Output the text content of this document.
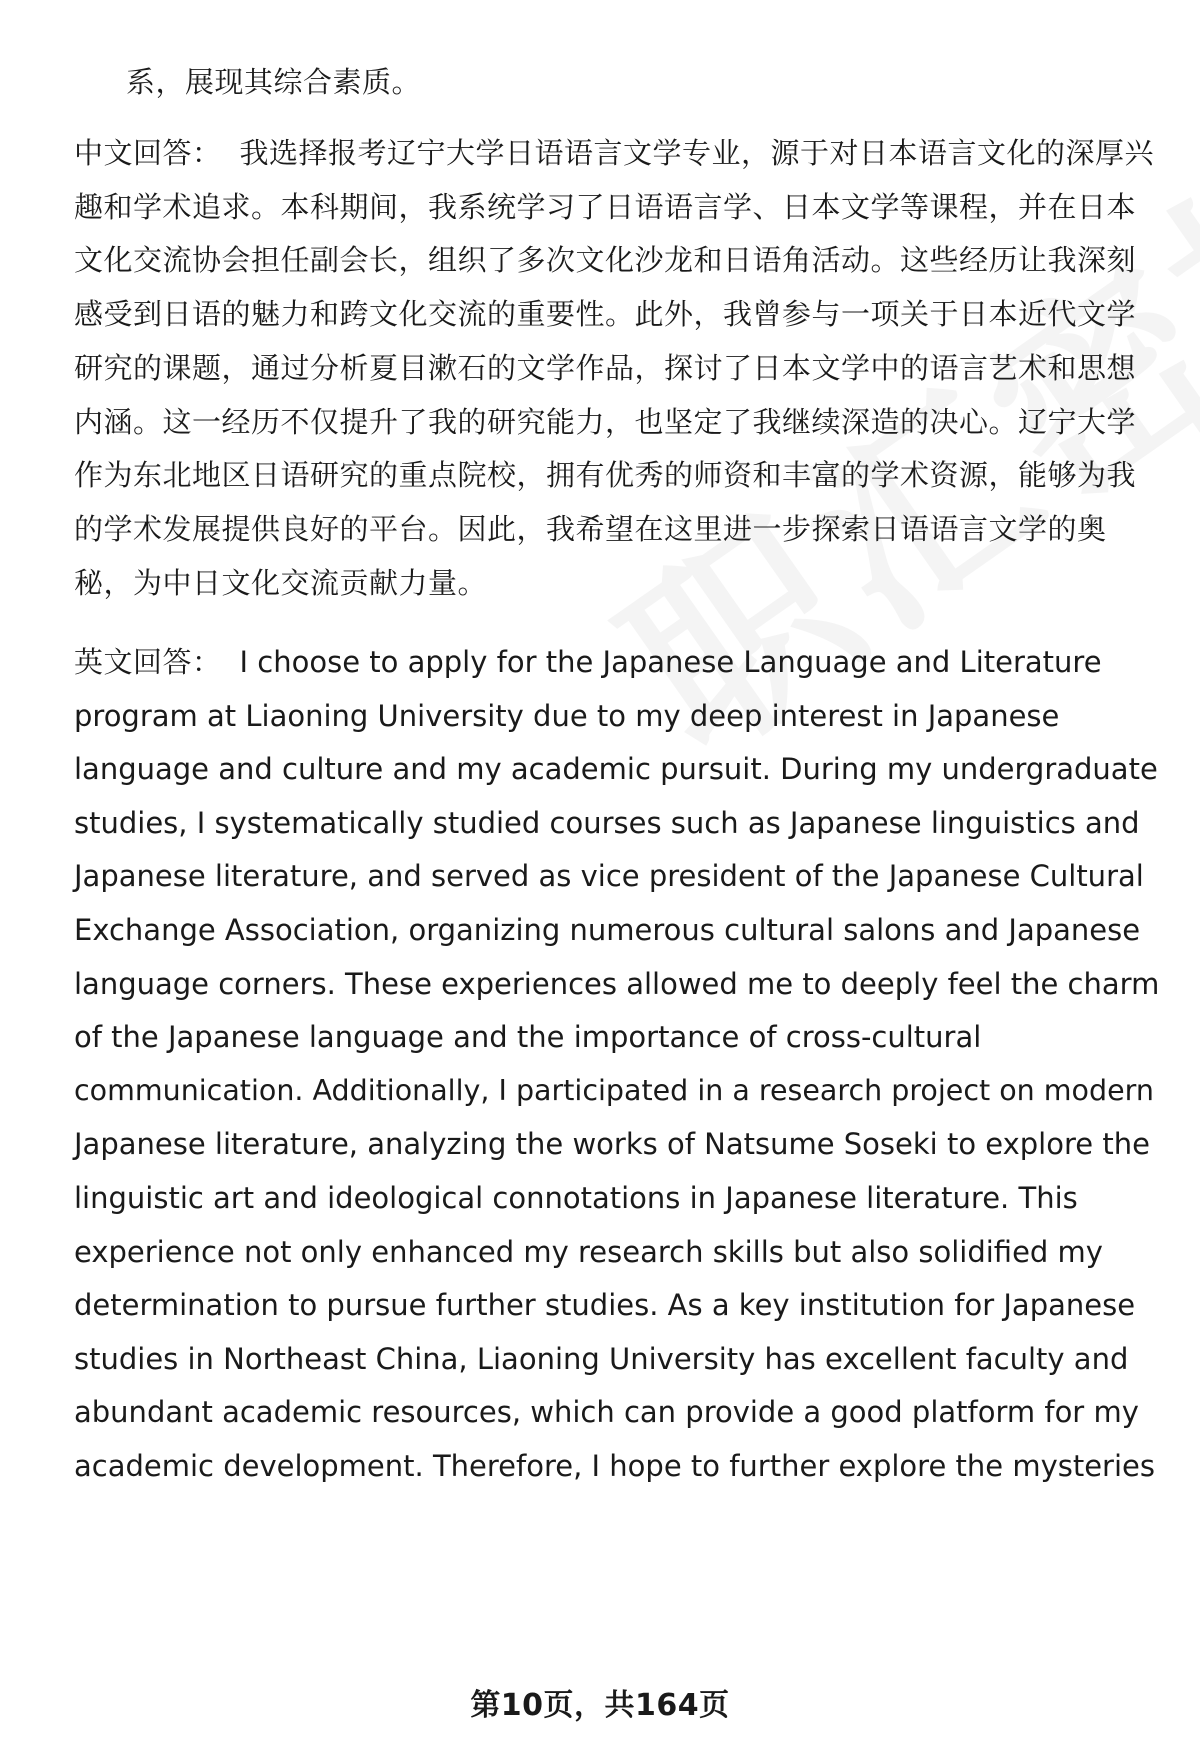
系，展现其综合素质。
中文回答： 我选择报考辽宁大学日语语言文学专业，源于对日本语言文化的深厚兴
趣和学术追求。本科期间，我系统学习了日语语言学、日本文学等课程，并在日本
文化交流协会担任副会长，组织了多次文化沙龙和日语角活动。这些经历让我深刻
感受到日语的魅力和跨文化交流的重要性。此外，我曾参与一项关于日本近代文学
研究的课题，通过分析夏目漱石的文学作品，探讨了日本文学中的语言艺术和思想
内涵。这一经历不仅提升了我的研究能力，也坚定了我继续深造的决心。辽宁大学
作为东北地区日语研究的重点院校，拥有优秀的师资和丰富的学术资源，能够为我
的学术发展提供良好的平台。因此，我希望在这里进一步探索日语语言文学的奥
秘，为中日文化交流贡献力量。
英文回答： I choose to apply for the Japanese Language and Literature
program at Liaoning University due to my deep interest in Japanese
language and culture and my academic pursuit. During my undergraduate
studies, I systematically studied courses such as Japanese linguistics and
Japanese literature, and served as vice president of the Japanese Cultural
Exchange Association, organizing numerous cultural salons and Japanese
language corners. These experiences allowed me to deeply feel the charm
of the Japanese language and the importance of cross-cultural
communication. Additionally, I participated in a research project on modern
Japanese literature, analyzing the works of Natsume Soseki to explore the
linguistic art and ideological connotations in Japanese literature. This
experience not only enhanced my research skills but also solidified my
determination to pursue further studies. As a key institution for Japanese
studies in Northeast China, Liaoning University has excellent faculty and
abundant academic resources, which can provide a good platform for my
academic development. Therefore, I hope to further explore the mysteries
第10页，共164页
